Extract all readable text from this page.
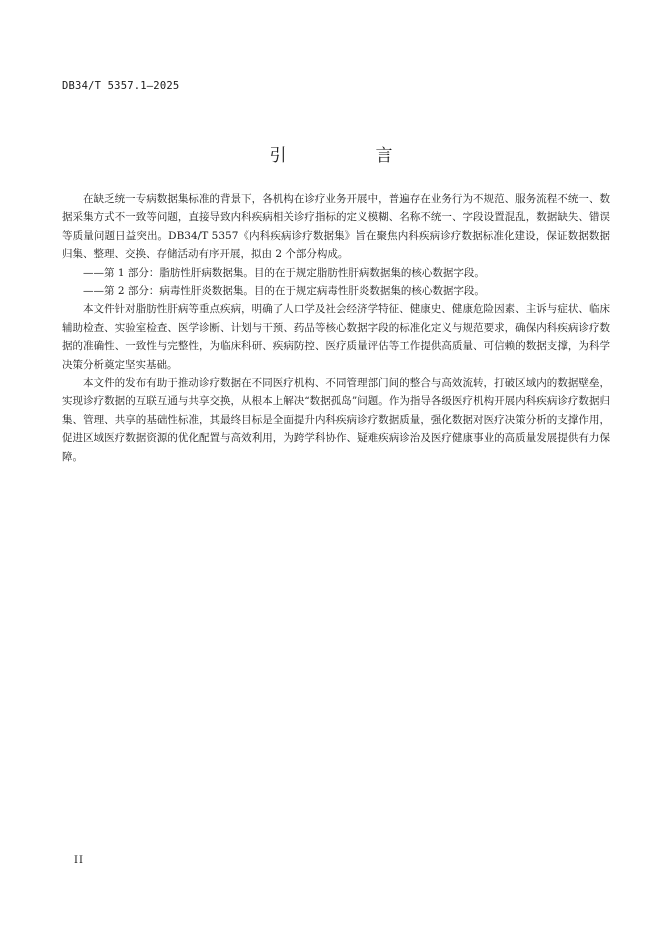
DB34/T 5357.1—2025
引　言

在缺乏统一专病数据集标准的背景下，各机构在诊疗业务开展中，普遍存在业务行为不规范、服务流程不统一、数据采集方式不一致等问题，直接导致内科疾病相关诊疗指标的定义模糊、名称不统一、字段设置混乱，数据缺失、错误等质量问题日益突出。DB34/T 5357《内科疾病诊疗数据集》旨在聚焦内科疾病诊疗数据标准化建设，保证数据数据归集、整理、交换、存储活动有序开展，拟由 2 个部分构成。

——第 1 部分：脂肪性肝病数据集。目的在于规定脂肪性肝病数据集的核心数据字段。

——第 2 部分：病毒性肝炎数据集。目的在于规定病毒性肝炎数据集的核心数据字段。

本文件针对脂肪性肝病等重点疾病，明确了人口学及社会经济学特征、健康史、健康危险因素、主诉与症状、临床辅助检查、实验室检查、医学诊断、计划与干预、药品等核心数据字段的标准化定义与规范要求，确保内科疾病诊疗数据的准确性、一致性与完整性，为临床科研、疾病防控、医疗质量评估等工作提供高质量、可信赖的数据支撑，为科学决策分析奠定坚实基础。

本文件的发布有助于推动诊疗数据在不同医疗机构、不同管理部门间的整合与高效流转，打破区域内的数据壁垒，实现诊疗数据的互联互通与共享交换，从根本上解决“数据孤岛”问题。作为指导各级医疗机构开展内科疾病诊疗数据归集、管理、共享的基础性标准，其最终目标是全面提升内科疾病诊疗数据质量，强化数据对医疗决策分析的支撑作用，促进区域医疗数据资源的优化配置与高效利用，为跨学科协作、疑难疾病诊治及医疗健康事业的高质量发展提供有力保障。

II
